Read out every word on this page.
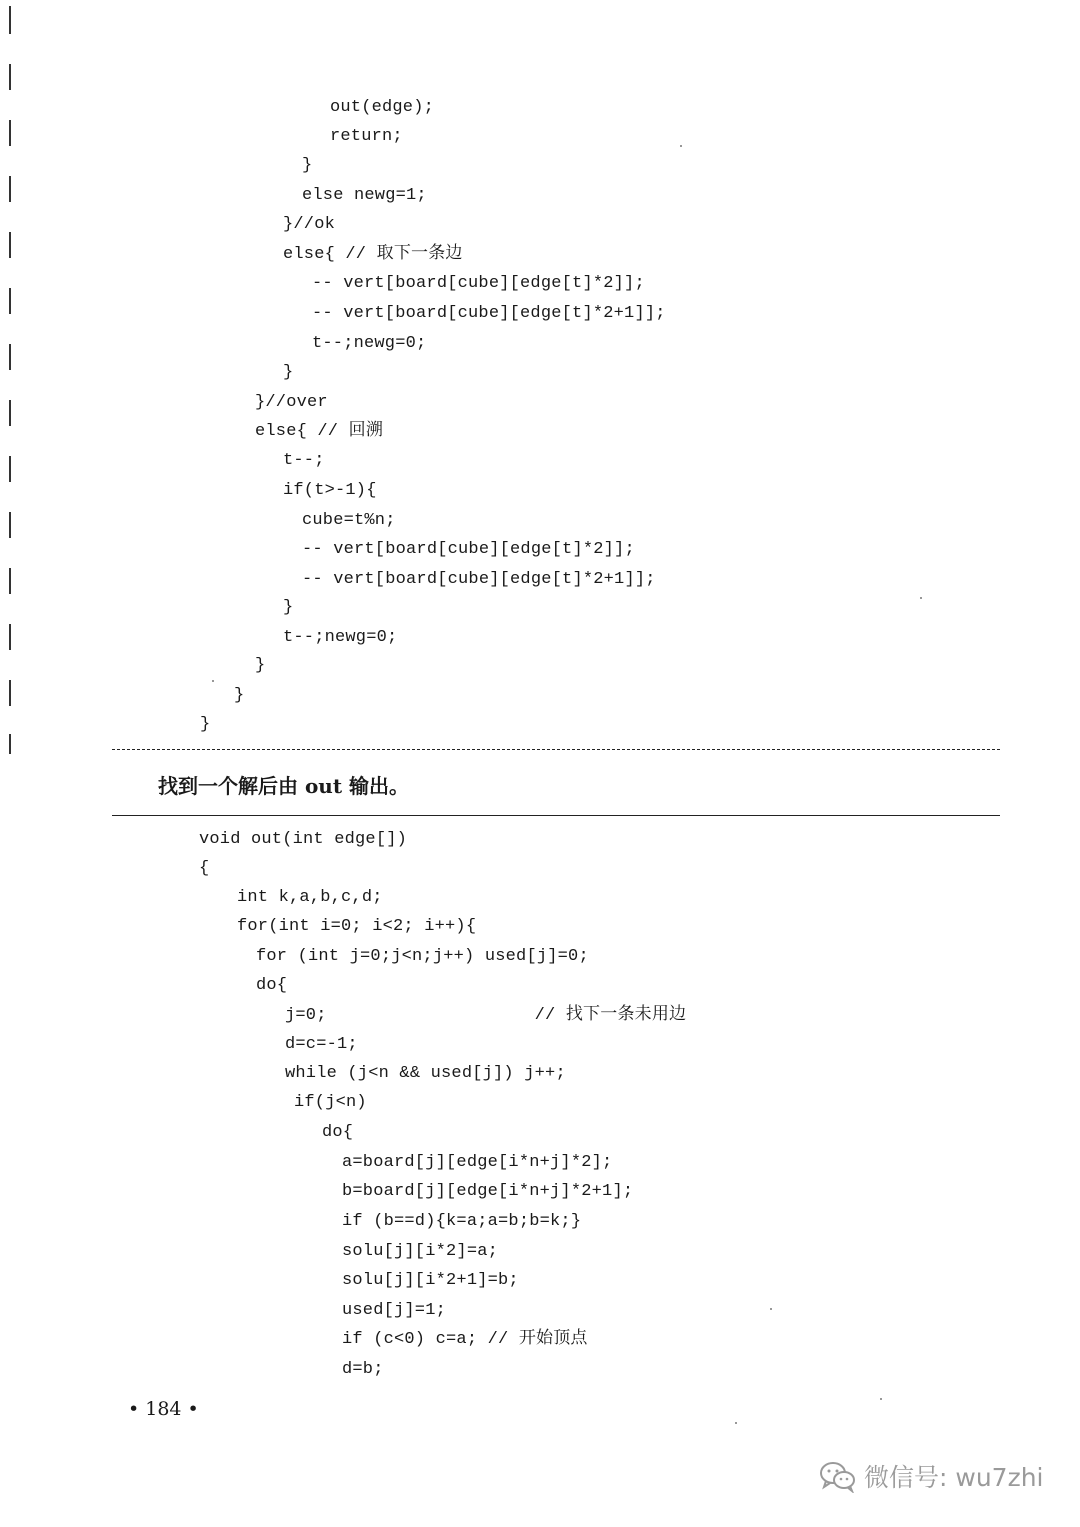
out(edge);
return;
}
else newg=1;
}//ok
else{ // 取下一条边
-- vert[board[cube][edge[t]*2]];
-- vert[board[cube][edge[t]*2+1]];
t--;newg=0;
}
}//over
else{ // 回溯
t--;
if(t>-1){
cube=t%n;
-- vert[board[cube][edge[t]*2]];
-- vert[board[cube][edge[t]*2+1]];
}
t--;newg=0;
}
}
}
找到一个解后由 out 输出。
void out(int edge[])
{
int k,a,b,c,d;
for(int i=0; i<2; i++){
for (int j=0;j<n;j++) used[j]=0;
do{
j=0;                    // 找下一条未用边
d=c=-1;
while (j<n && used[j]) j++;
if(j<n)
do{
a=board[j][edge[i*n+j]*2];
b=board[j][edge[i*n+j]*2+1];
if (b==d){k=a;a=b;b=k;}
solu[j][i*2]=a;
solu[j][i*2+1]=b;
used[j]=1;
if (c<0) c=a; // 开始顶点
d=b;
• 184 •
微信号: wu7zhi
